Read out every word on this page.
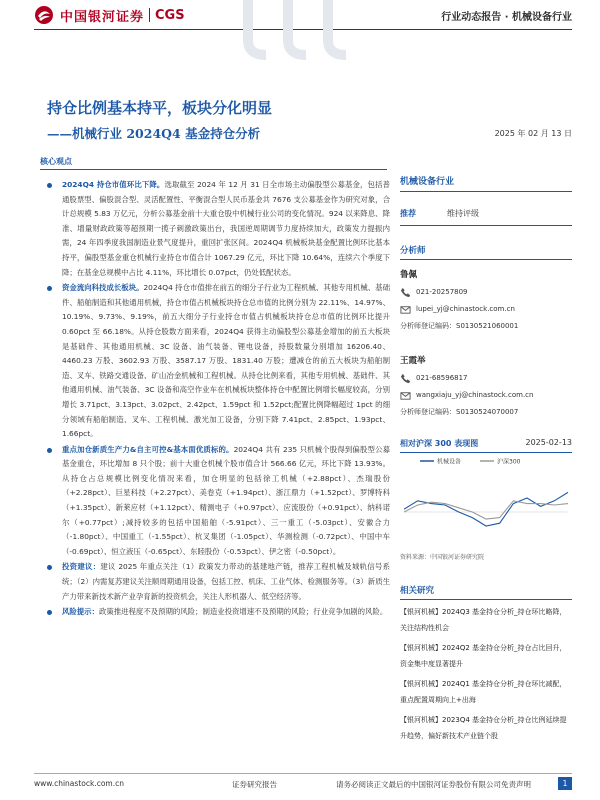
中国银河证券 CGS	行业动态报告 · 机械设备行业
持仓比例基本持平，板块分化明显
——机械行业 2024Q4 基金持仓分析	2025 年 02 月 13 日
核心观点
2024Q4 持仓市值环比下降。选取截至 2024 年 12 月 31 日全市场主动偏股型公募基金，包括普通股票型、偏股混合型、灵活配置性、平衡混合型人民币基金共 7676 支公募基金作为研究对象，合计总规模 5.83 万亿元，分析公募基金前十大重仓股中机械行业公司的变化情况。924 以来降息、降准、增量财政政策等超预期一揽子刺激政策出台，我国逆周期调节力度持续加大，政策发力提振内需，24 年四季度我国制造业景气度提升，重回扩张区间。2024Q4 机械板块基金配置比例环比基本持平，偏股型基金重仓机械行业持仓市值合计 1067.29 亿元，环比下降 10.64%，连续六个季度下降；在基金总规模中占比 4.11%，环比增长 0.07pct，仍处低配状态。
资金流向科技成长板块。2024Q4 持仓市值排在前五的细分子行业为工程机械、其他专用机械、基础件、船舶制造和其他通用机械，持仓市值占机械板块持仓总市值的比例分别为 22.11%、14.97%、10.19%、9.73%、9.19%，前五大细分子行业持仓市值占机械板块持仓总市值的比例环比提升 0.60pct 至 66.18%。从持仓股数方面来看，2024Q4 获得主动偏股型公募基金增加的前五大板块是基础件、其他通用机械、3C 设备、油气装备、锂电设备，持股数量分别增加 16206.40、4460.23 万股、3602.93 万股、3587.17 万股、1831.40 万股；遭减仓的前五大板块为船舶制造、叉车、铁路交通设备、矿山冶金机械和工程机械。从持仓比例来看，其他专用机械、基础件、其他通用机械、油气装备、3C 设备和高空作业车在机械板块整体持仓中配置比例增长幅度较高，分别增长 3.71pct、3.13pct、3.02pct、2.42pct、1.59pct 和 1.52pct;配置比例降幅超过 1pct 的细分领域有船舶制造、叉车、工程机械、激光加工设备，分别下降 7.41pct、2.85pct、1.93pct、1.66pct。
重点加仓新质生产力&自主可控&基本面优质标的。2024Q4 共有 235 只机械个股得到偏股型公募基金重仓，环比增加 8 只个股；前十大重仓机械个股市值合计 566.66 亿元，环比下降 13.93%。从持仓占总规模比例变化情况来看，加仓明显的包括徐工机械（+2.88pct）、杰瑞股份（+2.28pct）、巨星科技（+2.27pct）、美卷克（+1.94pct）、浙江鼎力（+1.52pct）、罗博特科（+1.35pct）、新莱应材（+1.12pct）、精测电子（+0.97pct）、应流股份（+0.91pct）、纳科诺尔（+0.77pct）;减持较多的包括中国船舶（-5.91pct）、三一重工（-5.03pct）、安徽合力（-1.80pct）、中国重工（-1.55pct）、杭叉集团（-1.05pct）、华测检测（-0.72pct）、中国中车（-0.69pct）、恒立液压（-0.65pct）、东睦股份（-0.53pct）、伊之密（-0.50pct）。
投资建议：建议 2025 年重点关注（1）政策发力带动的基建地产链，推荐工程机械及城轨信号系统；（2）内需复苏建议关注顺周期通用设备，包括工控、机床、工业气体、检测服务等。（3）新质生产力带来新技术新产业孕育新的投资机会，关注人形机器人、低空经济等。
风险提示：政策推进程度不及预期的风险；制造业投资增速不及预期的风险；行业竞争加剧的风险。
机械设备行业
推荐	维持评级
分析师
鲁佩
021-20257809
lupei_yj@chinastock.com.cn
分析师登记编码：S0130521060001
王霞举
021-68596817
wangxiaju_yj@chinastock.com.cn
分析师登记编码：S0130524070007
相对沪深 300 表现图	2025-02-13
机械设备	沪深300
资料来源：中国银河证券研究院
相关研究
【银河机械】2024Q3 基金持仓分析_持仓环比略降，关注结构性机会
【银河机械】2024Q2 基金持仓分析_持仓占比回升，资金集中度显著提升
【银河机械】2024Q1 基金持仓分析_持仓环比减配，重点配置周期向上+出海
【银河机械】2023Q4 基金持仓分析_持仓比例延续提升趋势，偏好新技术产业链个股
www.chinastock.com.cn	证券研究报告	请务必阅读正文最后的中国银河证券股份有限公司免责声明	1
